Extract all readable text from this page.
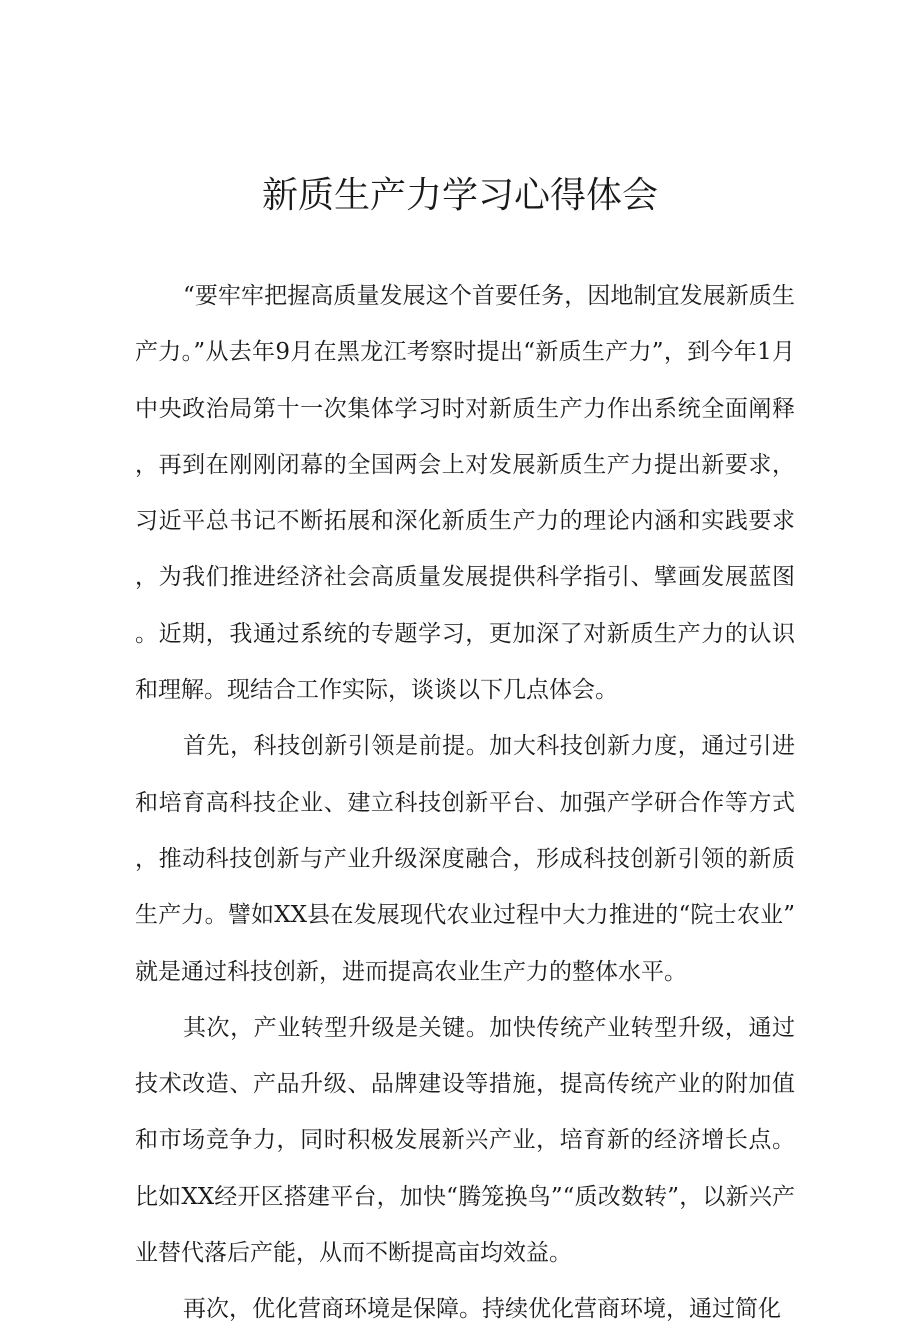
新质生产力学习心得体会

“要牢牢把握高质量发展这个首要任务，因地制宜发展新质生产力。”从去年9月在黑龙江考察时提出“新质生产力”，到今年1月中央政治局第十一次集体学习时对新质生产力作出系统全面阐释，再到在刚刚闭幕的全国两会上对发展新质生产力提出新要求，习近平总书记不断拓展和深化新质生产力的理论内涵和实践要求，为我们推进经济社会高质量发展提供科学指引、擘画发展蓝图。近期，我通过系统的专题学习，更加深了对新质生产力的认识和理解。现结合工作实际，谈谈以下几点体会。

首先，科技创新引领是前提。加大科技创新力度，通过引进和培育高科技企业、建立科技创新平台、加强产学研合作等方式，推动科技创新与产业升级深度融合，形成科技创新引领的新质生产力。譬如XX县在发展现代农业过程中大力推进的“院士农业”就是通过科技创新，进而提高农业生产力的整体水平。

其次，产业转型升级是关键。加快传统产业转型升级，通过技术改造、产品升级、品牌建设等措施，提高传统产业的附加值和市场竞争力，同时积极发展新兴产业，培育新的经济增长点。比如XX经开区搭建平台，加快“腾笼换鸟”“质改数转”，以新兴产业替代落后产能，从而不断提高亩均效益。

再次，优化营商环境是保障。持续优化营商环境，通过简化
